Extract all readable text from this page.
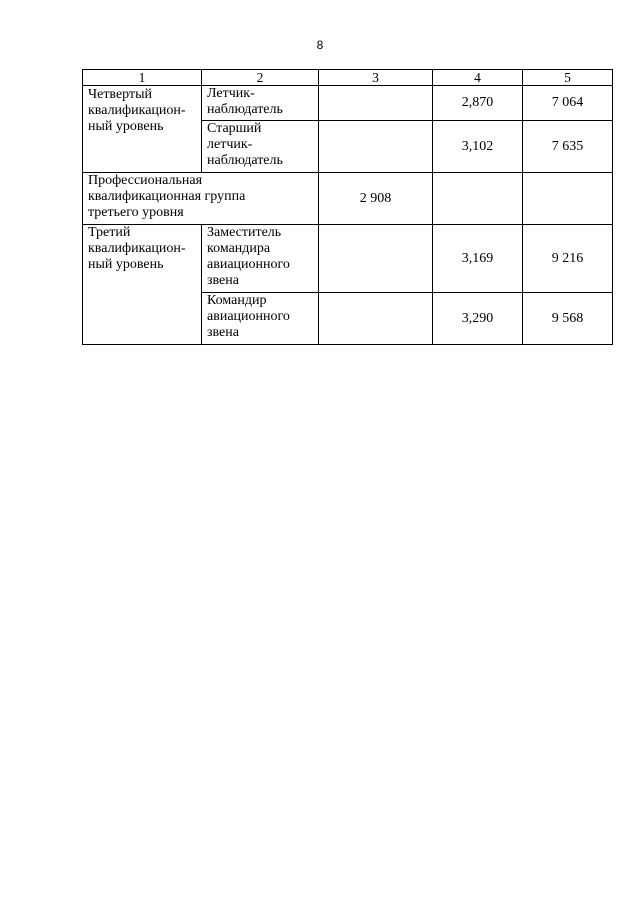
8
1	2	3	4	5

Четвертый квалификацион-ный уровень	Летчик-наблюдатель		2,870	7 064

	Старший летчик-наблюдатель		3,102	7 635

Профессиональная квалификационная группа третьего уровня		2 908		

Третий квалификацион-ный уровень	Заместитель командира авиационного звена		3,169	9 216

	Командир авиационного звена		3,290	9 568
